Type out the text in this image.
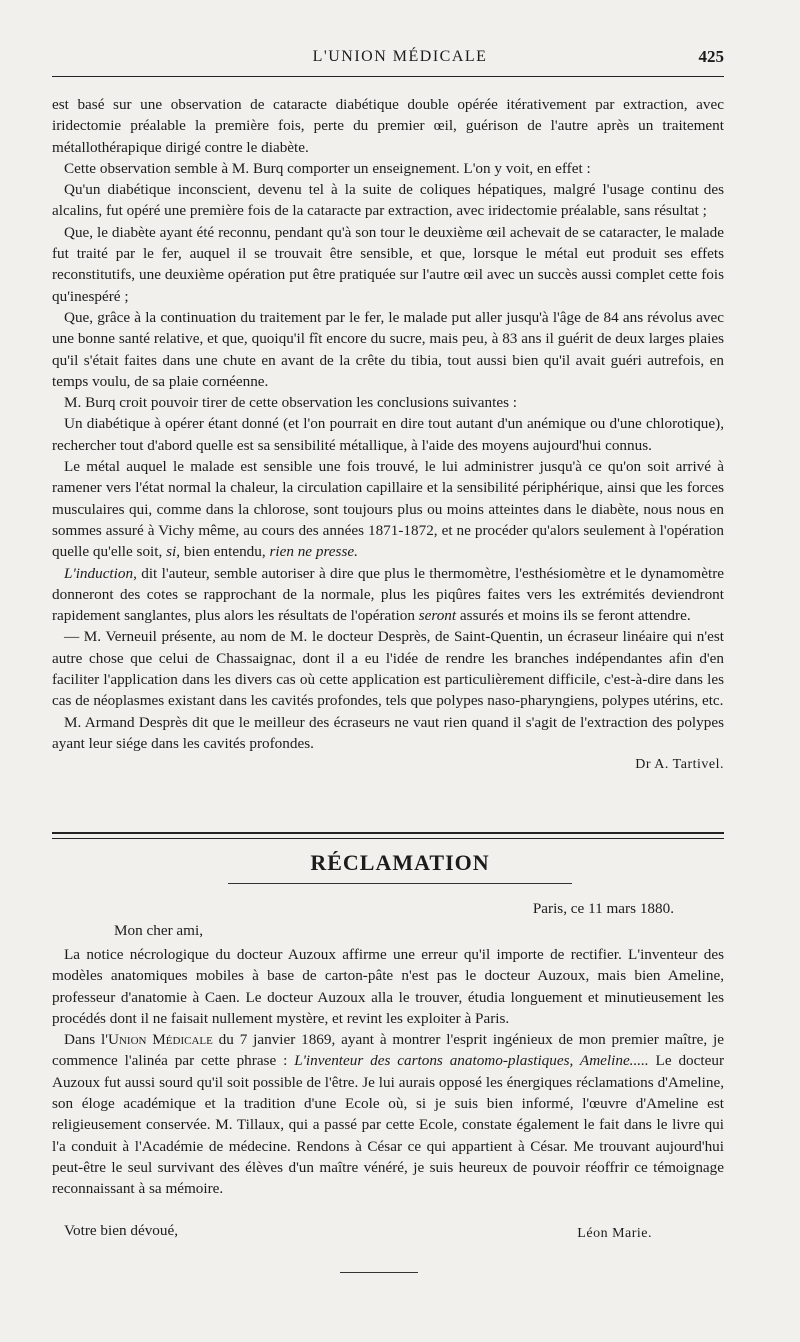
L'UNION MÉDICALE	425

est basé sur une observation de cataracte diabétique double opérée itérativement par extraction, avec iridectomie préalable la première fois, perte du premier œil, guérison de l'autre après un traitement métallothérapique dirigé contre le diabète.

Cette observation semble à M. Burq comporter un enseignement. L'on y voit, en effet :

Qu'un diabétique inconscient, devenu tel à la suite de coliques hépatiques, malgré l'usage continu des alcalins, fut opéré une première fois de la cataracte par extraction, avec iridectomie préalable, sans résultat ;

Que, le diabète ayant été reconnu, pendant qu'à son tour le deuxième œil achevait de se cataracter, le malade fut traité par le fer, auquel il se trouvait être sensible, et que, lorsque le métal eut produit ses effets reconstitutifs, une deuxième opération put être pratiquée sur l'autre œil avec un succès aussi complet cette fois qu'inespéré ;

Que, grâce à la continuation du traitement par le fer, le malade put aller jusqu'à l'âge de 84 ans révolus avec une bonne santé relative, et que, quoiqu'il fît encore du sucre, mais peu, à 83 ans il guérit de deux larges plaies qu'il s'était faites dans une chute en avant de la crête du tibia, tout aussi bien qu'il avait guéri autrefois, en temps voulu, de sa plaie cornéenne.

M. Burq croit pouvoir tirer de cette observation les conclusions suivantes :

Un diabétique à opérer étant donné (et l'on pourrait en dire tout autant d'un anémique ou d'une chlorotique), rechercher tout d'abord quelle est sa sensibilité métallique, à l'aide des moyens aujourd'hui connus.

Le métal auquel le malade est sensible une fois trouvé, le lui administrer jusqu'à ce qu'on soit arrivé à ramener vers l'état normal la chaleur, la circulation capillaire et la sensibilité périphérique, ainsi que les forces musculaires qui, comme dans la chlorose, sont toujours plus ou moins atteintes dans le diabète, nous nous en sommes assuré à Vichy même, au cours des années 1871-1872, et ne procéder qu'alors seulement à l'opération quelle qu'elle soit, si, bien entendu, rien ne presse.

L'induction, dit l'auteur, semble autoriser à dire que plus le thermomètre, l'esthésiomètre et le dynamomètre donneront des cotes se rapprochant de la normale, plus les piqûres faites vers les extrémités deviendront rapidement sanglantes, plus alors les résultats de l'opération seront assurés et moins ils se feront attendre.

— M. Verneuil présente, au nom de M. le docteur Desprès, de Saint-Quentin, un écraseur linéaire qui n'est autre chose que celui de Chassaignac, dont il a eu l'idée de rendre les branches indépendantes afin d'en faciliter l'application dans les divers cas où cette application est particulièrement difficile, c'est-à-dire dans les cas de néoplasmes existant dans les cavités profondes, tels que polypes naso-pharyngiens, polypes utérins, etc.

M. Armand Desprès dit que le meilleur des écraseurs ne vaut rien quand il s'agit de l'extraction des polypes ayant leur siége dans les cavités profondes.

Dr A. Tartivel.

RÉCLAMATION
Paris, ce 11 mars 1880.
Mon cher ami,

La notice nécrologique du docteur Auzoux affirme une erreur qu'il importe de rectifier. L'inventeur des modèles anatomiques mobiles à base de carton-pâte n'est pas le docteur Auzoux, mais bien Ameline, professeur d'anatomie à Caen. Le docteur Auzoux alla le trouver, étudia longuement et minutieusement les procédés dont il ne faisait nullement mystère, et revint les exploiter à Paris.

Dans l'Union Médicale du 7 janvier 1869, ayant à montrer l'esprit ingénieux de mon premier maître, je commence l'alinéa par cette phrase : L'inventeur des cartons anatomo-plastiques, Ameline..... Le docteur Auzoux fut aussi sourd qu'il soit possible de l'être. Je lui aurais opposé les énergiques réclamations d'Ameline, son éloge académique et la tradition d'une Ecole où, si je suis bien informé, l'œuvre d'Ameline est religieusement conservée. M. Tillaux, qui a passé par cette Ecole, constate également le fait dans le livre qui l'a conduit à l'Académie de médecine. Rendons à César ce qui appartient à César. Me trouvant aujourd'hui peut-être le seul survivant des élèves d'un maître vénéré, je suis heureux de pouvoir réoffrir ce témoignage reconnaissant à sa mémoire.

Votre bien dévoué,	Léon Marie.
